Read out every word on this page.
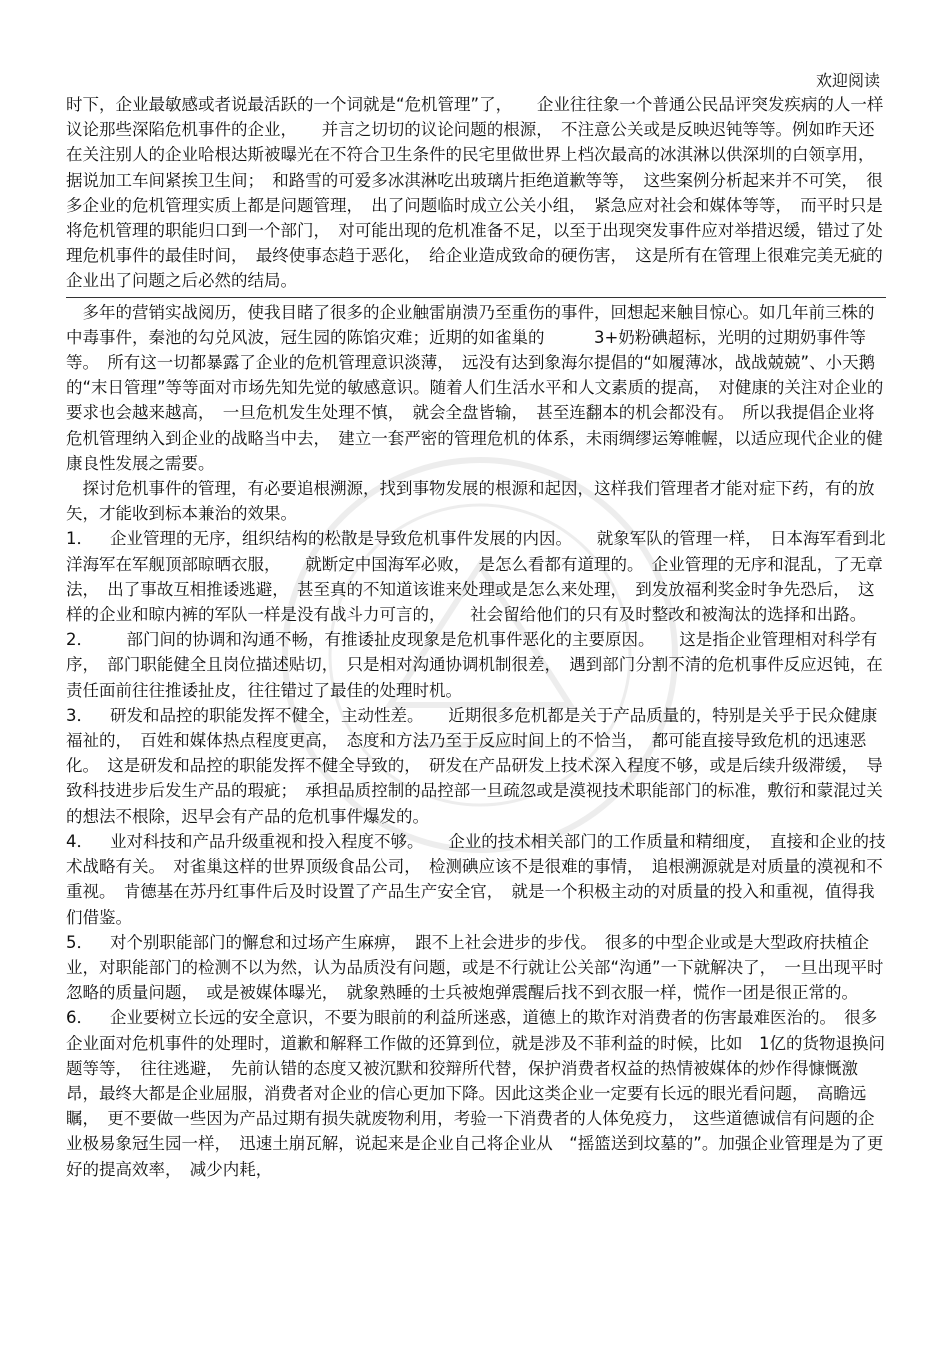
欢迎阅读

时下，企业最敏感或者说最活跃的一个词就是“危机管理”了，　　企业往往象一个普通公民品评突发疾病的人一样议论那些深陷危机事件的企业，　　并言之切切的议论问题的根源，　不注意公关或是反映迟钝等等。例如昨天还在关注别人的企业哈根达斯被曝光在不符合卫生条件的民宅里做世界上档次最高的冰淇淋以供深圳的白领享用，　据说加工车间紧挨卫生间；　和路雪的可爱多冰淇淋吃出玻璃片拒绝道歉等等，　这些案例分析起来并不可笑，　很多企业的危机管理实质上都是问题管理，　出了问题临时成立公关小组，　紧急应对社会和媒体等等，　而平时只是将危机管理的职能归口到一个部门，　对可能出现的危机准备不足，以至于出现突发事件应对举措迟缓，错过了处理危机事件的最佳时间，　最终使事态趋于恶化，　给企业造成致命的硬伤害，　这是所有在管理上很难完美无疵的企业出了问题之后必然的结局。

　多年的营销实战阅历，使我目睹了很多的企业触雷崩溃乃至重伤的事件，回想起来触目惊心。如几年前三株的中毒事件，秦池的勾兑风波，冠生园的陈馅灾难；近期的如雀巢的　　　3+奶粉碘超标，光明的过期奶事件等等。　所有这一切都暴露了企业的危机管理意识淡薄，　远没有达到象海尔提倡的“如履薄冰，战战兢兢”、小天鹅的“末日管理”等等面对市场先知先觉的敏感意识。随着人们生活水平和人文素质的提高，　对健康的关注对企业的要求也会越来越高，　一旦危机发生处理不慎，　就会全盘皆输，　甚至连翻本的机会都没有。　所以我提倡企业将危机管理纳入到企业的战略当中去，　建立一套严密的管理危机的体系，未雨绸缪运筹帷幄，以适应现代企业的健康良性发展之需要。

　探讨危机事件的管理，有必要追根溯源，找到事物发展的根源和起因，这样我们管理者才能对症下药，有的放矢，才能收到标本兼治的效果。

1． 企业管理的无序，组织结构的松散是导致危机事件发展的内因。　　就象军队的管理一样，　日本海军看到北洋海军在军舰顶部晾晒衣服，　　就断定中国海军必败，　是怎么看都有道理的。　企业管理的无序和混乱，了无章法，　出了事故互相推诿逃避，　甚至真的不知道该谁来处理或是怎么来处理，　到发放福利奖金时争先恐后，　这样的企业和晾内裤的军队一样是没有战斗力可言的，　　社会留给他们的只有及时整改和被淘汰的选择和出路。

2．　部门间的协调和沟通不畅，有推诿扯皮现象是危机事件恶化的主要原因。　　这是指企业管理相对科学有序，　部门职能健全且岗位描述贴切，　只是相对沟通协调机制很差，　遇到部门分割不清的危机事件反应迟钝，在责任面前往往推诿扯皮，往往错过了最佳的处理时机。

3． 研发和品控的职能发挥不健全，主动性差。　　近期很多危机都是关于产品质量的，特别是关乎于民众健康福祉的，　百姓和媒体热点程度更高，　态度和方法乃至于反应时间上的不恰当，　都可能直接导致危机的迅速恶化。　这是研发和品控的职能发挥不健全导致的，　研发在产品研发上技术深入程度不够，或是后续升级滞缓，　导致科技进步后发生产品的瑕疵；　承担品质控制的品控部一旦疏忽或是漠视技术职能部门的标准，敷衍和蒙混过关的想法不根除，迟早会有产品的危机事件爆发的。

4． 业对科技和产品升级重视和投入程度不够。　　企业的技术相关部门的工作质量和精细度，　直接和企业的技术战略有关。　对雀巢这样的世界顶级食品公司，　检测碘应该不是很难的事情，　追根溯源就是对质量的漠视和不重视。　肯德基在苏丹红事件后及时设置了产品生产安全官，　就是一个积极主动的对质量的投入和重视，值得我们借鉴。

5． 对个别职能部门的懈怠和过场产生麻痹，　跟不上社会进步的步伐。　很多的中型企业或是大型政府扶植企业，对职能部门的检测不以为然，认为品质没有问题，或是不行就让公关部“沟通”一下就解决了，　一旦出现平时忽略的质量问题，　或是被媒体曝光，　就象熟睡的士兵被炮弹震醒后找不到衣服一样，慌作一团是很正常的。

6． 企业要树立长远的安全意识，不要为眼前的利益所迷惑，道德上的欺诈对消费者的伤害最难医治的。　很多企业面对危机事件的处理时，道歉和解释工作做的还算到位，就是涉及不菲利益的时候，比如　1亿的货物退换问题等等，　往往逃避，　先前认错的态度又被沉默和狡辩所代替，保护消费者权益的热情被媒体的炒作得慷慨激昂，最终大都是企业屈服，消费者对企业的信心更加下降。因此这类企业一定要有长远的眼光看问题，　高瞻远瞩，　更不要做一些因为产品过期有损失就废物利用，考验一下消费者的人体免疫力，　这些道德诚信有问题的企业极易象冠生园一样，　迅速土崩瓦解，说起来是企业自己将企业从　“摇篮送到坟墓的”。加强企业管理是为了更好的提高效率，　减少内耗，
